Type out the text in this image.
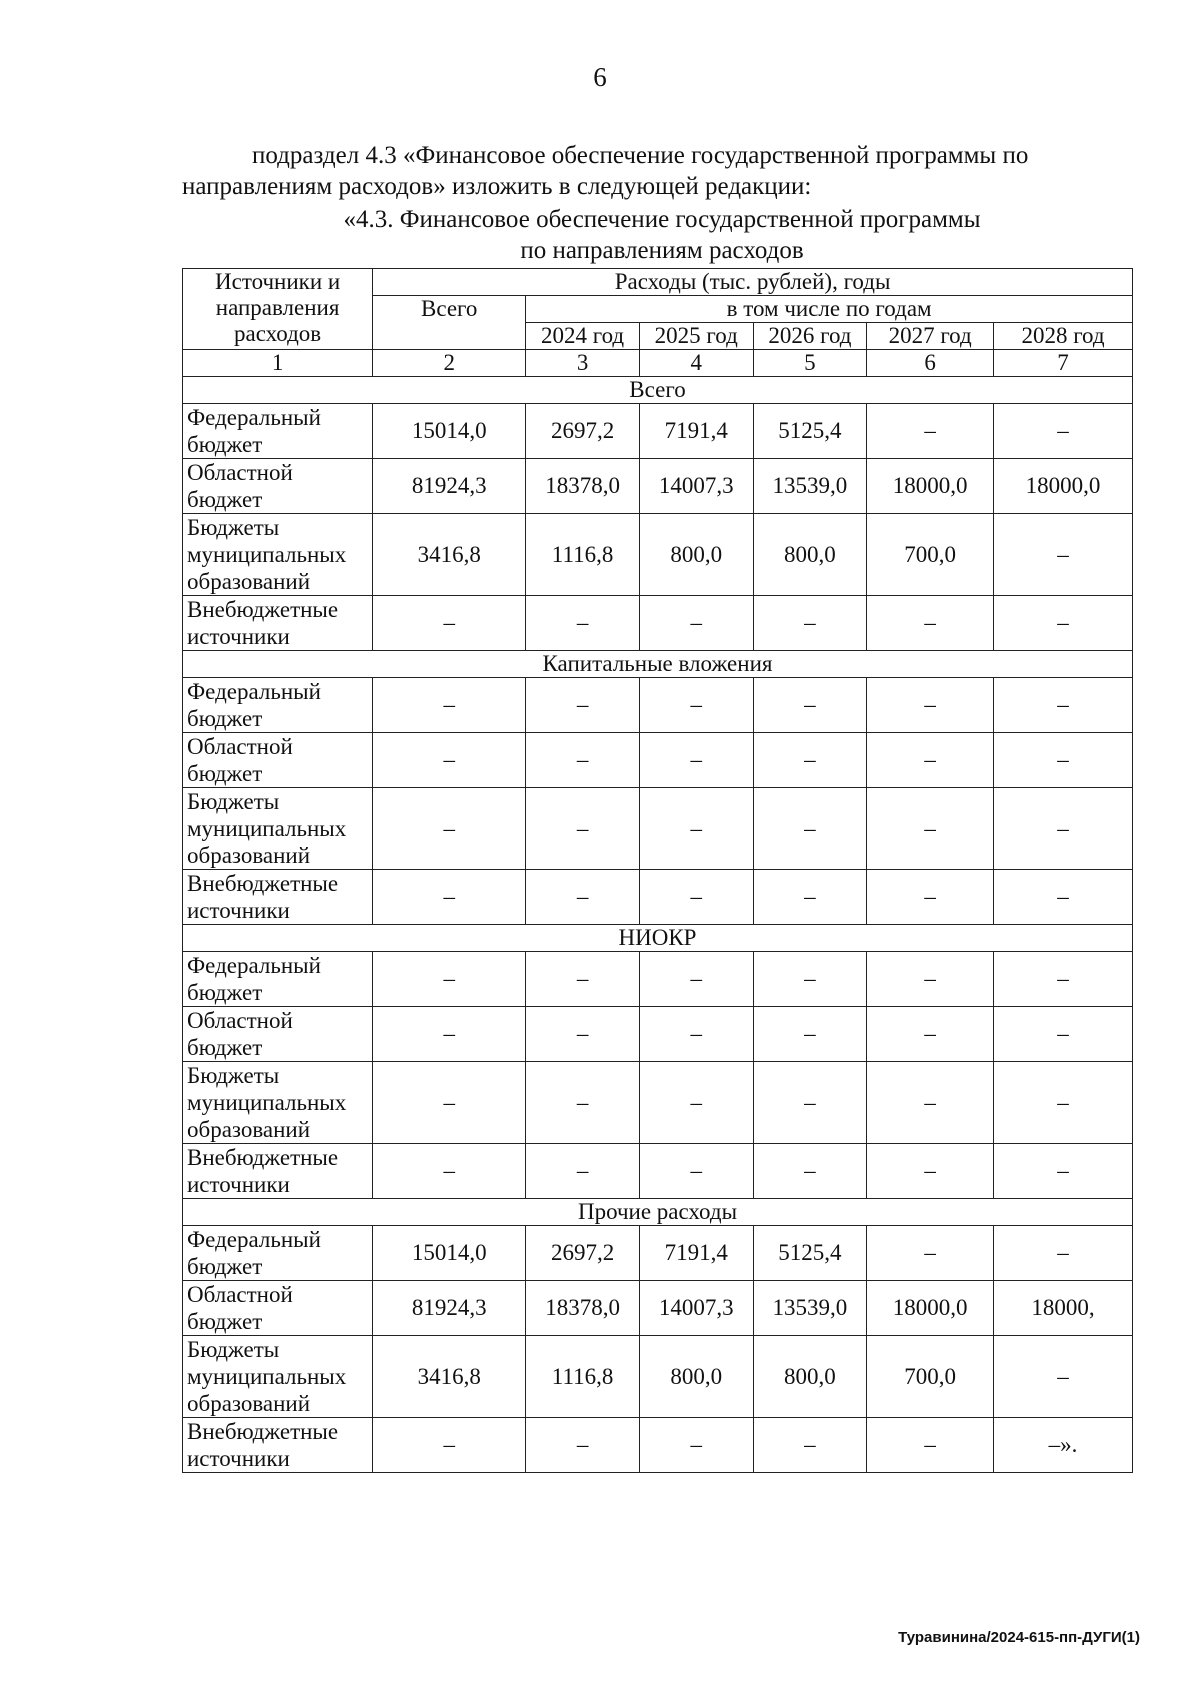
6

подраздел 4.3 «Финансовое обеспечение государственной программы по направлениям расходов» изложить в следующей редакции:

«4.3. Финансовое обеспечение государственной программы
по направлениям расходов
Источники и направления расходов	Расходы (тыс. рублей), годы					
	Всего	в том числе по годам				
		2024 год	2025 год	2026 год	2027 год	2028 год
1	2	3	4	5	6	7
Всего						
Федеральный бюджет	15014,0	2697,2	7191,4	5125,4	–	–
Областной бюджет	81924,3	18378,0	14007,3	13539,0	18000,0	18000,0
Бюджеты муниципальных образований	3416,8	1116,8	800,0	800,0	700,0	–
Внебюджетные источники	–	–	–	–	–	–
Капитальные вложения						
Федеральный бюджет	–	–	–	–	–	–
Областной бюджет	–	–	–	–	–	–
Бюджеты муниципальных образований	–	–	–	–	–	–
Внебюджетные источники	–	–	–	–	–	–
НИОКР						
Федеральный бюджет	–	–	–	–	–	–
Областной бюджет	–	–	–	–	–	–
Бюджеты муниципальных образований	–	–	–	–	–	–
Внебюджетные источники	–	–	–	–	–	–
Прочие расходы						
Федеральный бюджет	15014,0	2697,2	7191,4	5125,4	–	–
Областной бюджет	81924,3	18378,0	14007,3	13539,0	18000,0	18000,
Бюджеты муниципальных образований	3416,8	1116,8	800,0	800,0	700,0	–
Внебюджетные источники	–	–	–	–	–	–».
Туравинина/2024-615-пп-ДУГИ(1)
